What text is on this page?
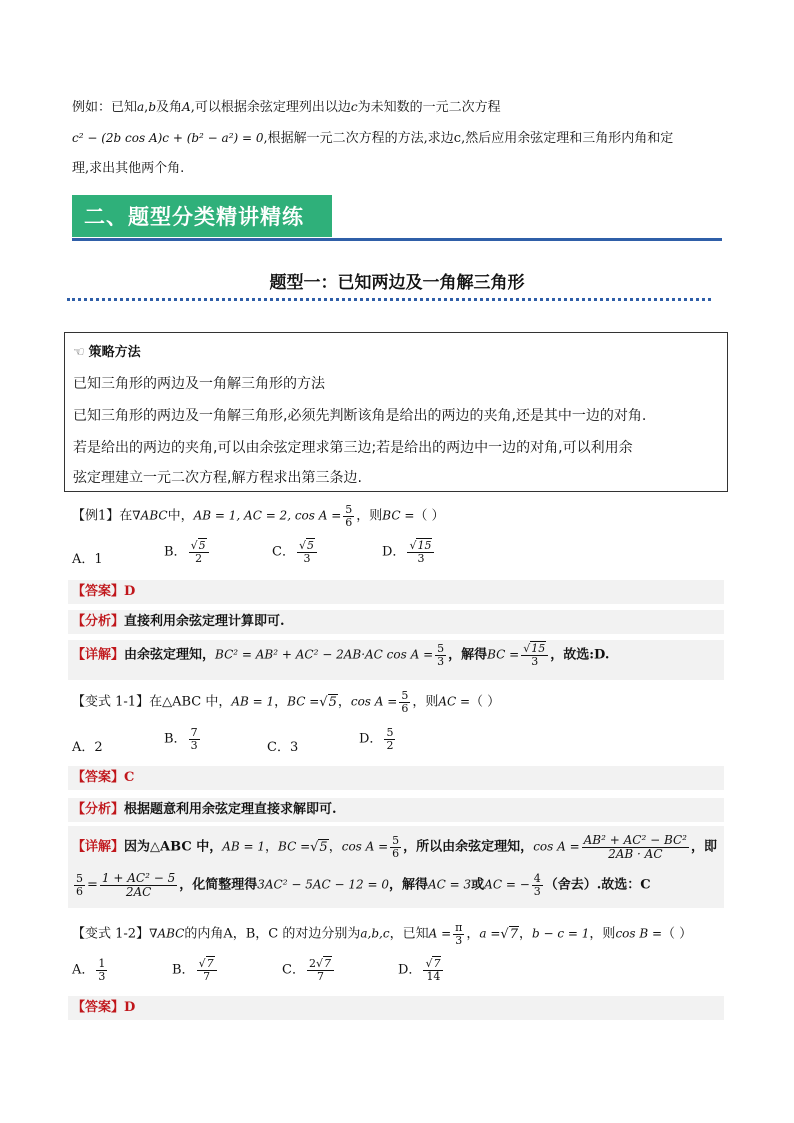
例如：已知a,b及角A,可以根据余弦定理列出以边c为未知数的一元二次方程
c² − (2b cos A)c + (b² − a²) = 0,根据解一元二次方程的方法,求边c,然后应用余弦定理和三角形内角和定
理,求出其他两个角.
二、题型分类精讲精练
题型一：已知两边及一角解三角形
☜ 策略方法
已知三角形的两边及一角解三角形的方法
已知三角形的两边及一角解三角形,必须先判断该角是给出的两边的夹角,还是其中一边的对角.
若是给出的两边的夹角,可以由余弦定理求第三边;若是给出的两边中一边的对角,可以利用余
弦定理建立一元二次方程,解方程求出第三条边.
【例1】在∇ABC中，AB = 1, AC = 2, $\cos A = \frac{5}{6}$ ，则BC =（ ）
A．1	B． $\frac{√5}{2}$	C． $\frac{√5}{3}$	D． $\frac{√15}{3}$
【答案】D
【分析】直接利用余弦定理计算即可.
【详解】由余弦定理知，BC² = AB² + AC² − 2AB·AC $\cos A = \frac{5}{3}$ ，解得BC = $\frac{√15}{3}$ ，故选:D.
【变式 1-1】在△ABC 中，AB = 1，BC =√5，$\cos A = \frac{5}{6}$ ，则AC =（ ）
A．2
B． $\frac{7}{3}$	C．3
D． $\frac{5}{2}$
【答案】C
【分析】根据题意利用余弦定理直接求解即可.
【详解】因为△ABC 中，AB = 1，BC =√5，$\cos A = \frac{5}{6}$ ，所以由余弦定理知，$\cos A = \frac{\text{AB² + AC² − BC²}}{2AB \cdot AC}$ ，即
$\frac{5}{6} = \frac{\text{1 + AC² − 5}}{2AC}$ ，化简整理得3AC² − 5AC − 12 = 0，解得AC = 3或AC = − $\frac{4}{3}$ （舍去）.故选：C
【变式 1-2】∇ABC的内角A，B，C 的对边分别为a,b,c，已知$A = \frac{\pi}{3}$ ，a =√7，b − c = 1，则cos B =（ ）
A． $\frac{1}{3}$	B． $\frac{√7}{7}$	C． $\frac{2√7}{7}$	D． $\frac{√7}{14}$
【答案】D
